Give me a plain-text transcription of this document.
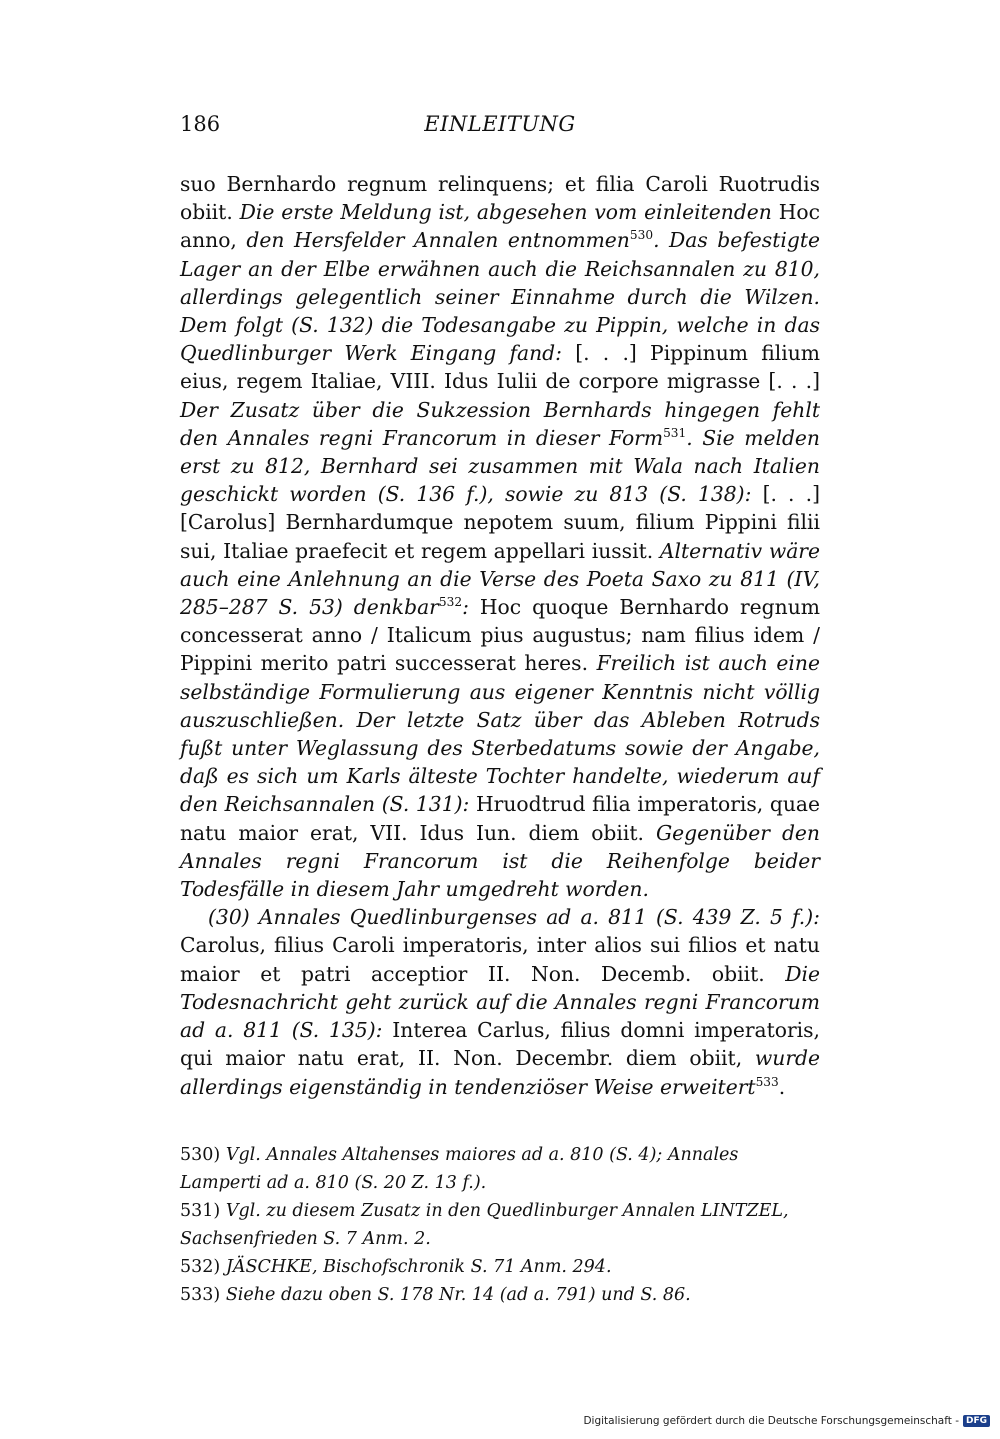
186	EINLEITUNG

suo Bernhardo regnum relinquens; et filia Caroli Ruotrudis obiit. Die erste Meldung ist, abgesehen vom einleitenden Hoc anno, den Hersfelder Annalen entnommen$^{530}$. Das befestigte Lager an der Elbe erwähnen auch die Reichsannalen zu 810, allerdings gelegentlich seiner Einnahme durch die Wilzen. Dem folgt (S. 132) die Todesangabe zu Pippin, welche in das Quedlinburger Werk Eingang fand: [. . .] Pippinum filium eius, regem Italiae, VIII. Idus Iulii de corpore migrasse [. . .] Der Zusatz über die Sukzession Bernhards hingegen fehlt den Annales regni Francorum in dieser Form$^{531}$. Sie melden erst zu 812, Bernhard sei zusammen mit Wala nach Italien geschickt worden (S. 136 f.), sowie zu 813 (S. 138): [. . .] [Carolus] Bernhardumque nepotem suum, filium Pippini filii sui, Italiae praefecit et regem appellari iussit. Alternativ wäre auch eine Anlehnung an die Verse des Poeta Saxo zu 811 (IV, 285–287 S. 53) denkbar$^{532}$: Hoc quoque Bernhardo regnum concesserat anno / Italicum pius augustus; nam filius idem / Pippini merito patri successerat heres. Freilich ist auch eine selbständige Formulierung aus eigener Kenntnis nicht völlig auszuschließen. Der letzte Satz über das Ableben Rotruds fußt unter Weglassung des Sterbedatums sowie der Angabe, daß es sich um Karls älteste Tochter handelte, wiederum auf den Reichsannalen (S. 131): Hruodtrud filia imperatoris, quae natu maior erat, VII. Idus Iun. diem obiit. Gegenüber den Annales regni Francorum ist die Reihenfolge beider Todesfälle in diesem Jahr umgedreht worden.

(30) Annales Quedlinburgenses ad a. 811 (S. 439 Z. 5 f.): Carolus, filius Caroli imperatoris, inter alios sui filios et natu maior et patri acceptior II. Non. Decemb. obiit. Die Todesnachricht geht zurück auf die Annales regni Francorum ad a. 811 (S. 135): Interea Carlus, filius domni imperatoris, qui maior natu erat, II. Non. Decembr. diem obiit, wurde allerdings eigenständig in tendenziöser Weise erweitert$^{533}$.

530) Vgl. Annales Altahenses maiores ad a. 810 (S. 4); Annales Lamperti ad a. 810 (S. 20 Z. 13 f.).

531) Vgl. zu diesem Zusatz in den Quedlinburger Annalen LINTZEL, Sachsenfrieden S. 7 Anm. 2.

532) JÄSCHKE, Bischofschronik S. 71 Anm. 294.

533) Siehe dazu oben S. 178 Nr. 14 (ad a. 791) und S. 86.

Digitalisierung gefördert durch die Deutsche Forschungsgemeinschaft - DFG
